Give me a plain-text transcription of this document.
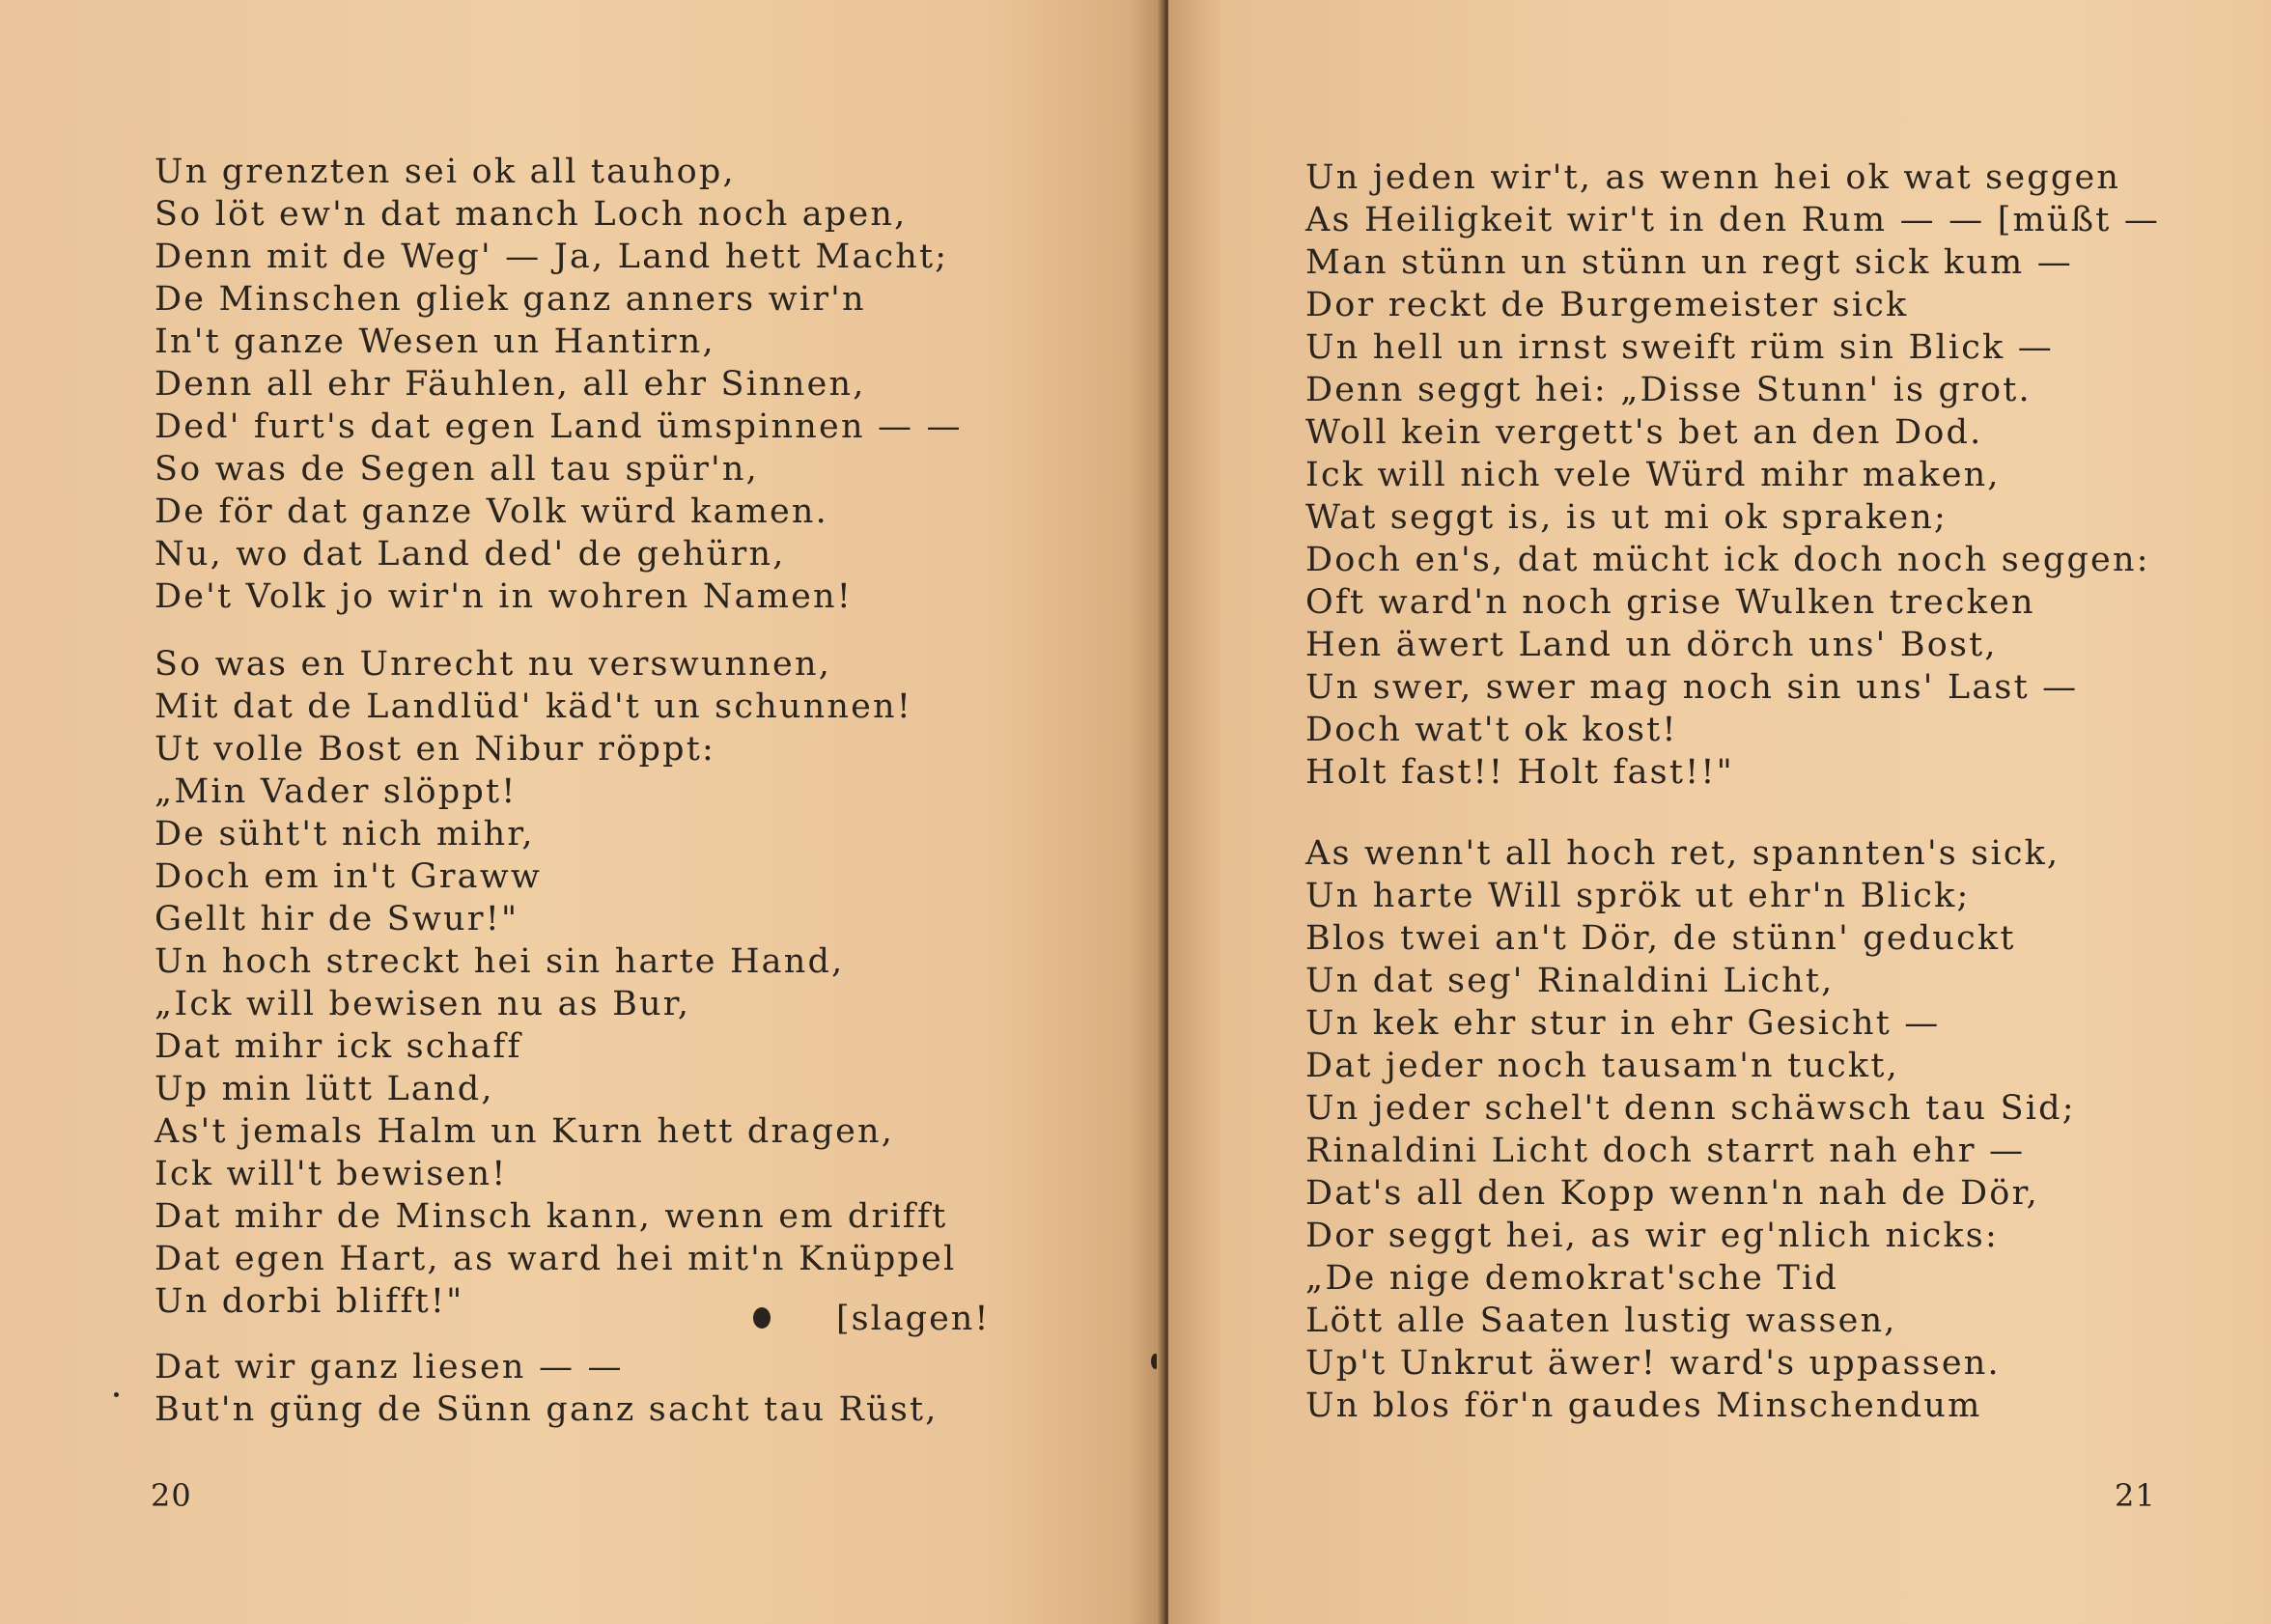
Un grenzten sei ok all tauhop,
So löt ew'n dat manch Loch noch apen,
Denn mit de Weg' — Ja, Land hett Macht;
De Minschen gliek ganz anners wir'n
In't ganze Wesen un Hantirn,
Denn all ehr Fäuhlen, all ehr Sinnen,
Ded' furt's dat egen Land ümspinnen — —
So was de Segen all tau spür'n,
De för dat ganze Volk würd kamen.
Nu, wo dat Land ded' de gehürn,
De't Volk jo wir'n in wohren Namen!
So was en Unrecht nu verswunnen,
Mit dat de Landlüd' käd't un schunnen!
Ut volle Bost en Nibur röppt:
„Min Vader slöppt!
De süht't nich mihr,
Doch em in't Graww
Gellt hir de Swur!"
Un hoch streckt hei sin harte Hand,
„Ick will bewisen nu as Bur,
Dat mihr ick schaff
Up min lütt Land,
As't jemals Halm un Kurn hett dragen,
Ick will't bewisen!
Dat mihr de Minsch kann, wenn em drifft
Dat egen Hart, as ward hei mit'n Knüppel
Un dorbi blifft!"
Dat wir ganz liesen — —
But'n güng de Sünn ganz sacht tau Rüst,
[slagen!
20
Un jeden wir't, as wenn hei ok wat seggen
As Heiligkeit wir't in den Rum — — [müßt —
Man stünn un stünn un regt sick kum —
Dor reckt de Burgemeister sick
Un hell un irnst sweift rüm sin Blick —
Denn seggt hei: „Disse Stunn' is grot.
Woll kein vergett's bet an den Dod.
Ick will nich vele Würd mihr maken,
Wat seggt is, is ut mi ok spraken;
Doch en's, dat mücht ick doch noch seggen:
Oft ward'n noch grise Wulken trecken
Hen äwert Land un dörch uns' Bost,
Un swer, swer mag noch sin uns' Last —
Doch wat't ok kost!
Holt fast!! Holt fast!!"
As wenn't all hoch ret, spannten's sick,
Un harte Will sprök ut ehr'n Blick;
Blos twei an't Dör, de stünn' geduckt
Un dat seg' Rinaldini Licht,
Un kek ehr stur in ehr Gesicht —
Dat jeder noch tausam'n tuckt,
Un jeder schel't denn schäwsch tau Sid;
Rinaldini Licht doch starrt nah ehr —
Dat's all den Kopp wenn'n nah de Dör,
Dor seggt hei, as wir eg'nlich nicks:
„De nige demokrat'sche Tid
Lött alle Saaten lustig wassen,
Up't Unkrut äwer! ward's uppassen.
Un blos för'n gaudes Minschendum
21
